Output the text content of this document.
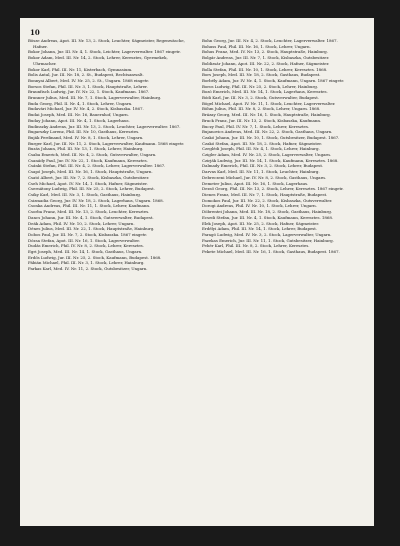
10

Bösze Andreas, Apot. III. Nr. 13, 2. Stock, Leuchter, Sägmeister, Regenwäsche, Hafner.

Bokor Johann, Jur. III. Nr. 4, 1. Stock, Leichter, Lagerverwalter. 1867 eingetr.

Bokor Adam, Med. III. Nr. 14, 2. Stock, Lehrer, Keresztes, Gyermekek, Uhrmacher.

Bokor Karl, Phil. III. Nr. 11, Kisterbach, Gymnasium.

Bolis Antal, Jur. III. Nr. 18, 2. St., Budapest, Rechtsanwalt.

Bonnyai Albert, Med. IV. Nr. 25, 2. St., Ungarn. 1868 eingetr.

Borsos Stefan, Phil. III. Nr. 3, 1. Stock, Hauptstraße, Lehrer.

Braunfisch Ludwig, Jur. IV. Nr. 22, 1. Stock, Kaufmann. 1867.

Brunner Julius, Med. III. Nr. 7, 1. Stock, Lagerverwalter, Hainburg.

Buda Georg, Phil. II. Nr. 4, 1. Stock, Lehrer, Ungarn.

Budavári Michael, Jur. IV. Nr. 4, 2. Stock, Kisbaszka. 1867.

Budai Joseph, Med. III. Nr. 16, Bauernhof, Ungarn.

Buday Johann, Apot. III. Nr. 4, 1. Stock, Lagerhaus.

Budinszky Andreas, Jur. III. Nr. 13, 2. Stock, Leuchter, Lagerverwalter. 1867.

Bugarszky Lorenz, Phil. III. Nr. 10, Gasthaus, Keresztes.

Buják Ferdinand, Med. IV. Nr. 8, 1. Stock, Lehrer, Ungarn.

Burger Karl, Jur. III. Nr. 11, 2. Stock, Lagerverwalter, Kaufmann. 1868 eingetr.

Buzás Johann, Phil. III. Nr. 13, 1. Stock, Lehrer, Hainburg.

Csaba Emerich, Med. III. Nr. 4, 2. Stock, Gutsverwalter, Ungarn.

Csanády Paul, Jur. IV. Nr. 22, 1. Stock, Kaufmann, Keresztes.

Csánki Stefan, Phil. III. Nr. 4, 2. Stock, Lehrer, Lagerverwalter. 1867.

Csapó Joseph, Med. III. Nr. 16, 1. Stock, Hauptstraße, Ungarn.

Csató Albert, Jur. III. Nr. 7, 2. Stock, Kisbaszka, Gutsbesitzer.

Cseh Michael, Apot. IV. Nr. 14, 1. Stock, Hafner, Sägmeister.

Csernátony Ludwig, Phil. III. Nr. 25, 2. Stock, Lehrer, Budapest.

Csiky Karl, Med. III. Nr. 3, 1. Stock, Gasthaus, Hainburg.

Csizmadia Georg, Jur. IV. Nr. 18, 2. Stock, Lagerhaus, Ungarn. 1868.

Csonka Andreas, Phil. III. Nr. 11, 1. Stock, Lehrer, Kaufmann.

Csorba Franz, Med. III. Nr. 13, 2. Stock, Leuchter, Keresztes.

Dancs Johann, Jur. III. Nr. 4, 1. Stock, Gutsverwalter, Budapest.

Deák Adam, Phil. IV. Nr. 10, 2. Stock, Lehrer, Ungarn.

Dénes Julius, Med. III. Nr. 22, 1. Stock, Hauptstraße, Hainburg.

Dobos Paul, Jur. III. Nr. 7, 2. Stock, Kisbaszka. 1867 eingetr.

Dózsa Stefan, Apot. III. Nr. 16, 1. Stock, Lagerverwalter.

Dudás Emerich, Phil. IV. Nr. 8, 2. Stock, Lehrer, Keresztes.

Egri Joseph, Med. III. Nr. 14, 1. Stock, Gasthaus, Ungarn.

Erdős Ludwig, Jur. III. Nr. 25, 2. Stock, Kaufmann, Budapest. 1868.

Fábián Michael, Phil. III. Nr. 3, 1. Stock, Lehrer, Hainburg.

Farkas Karl, Med. IV. Nr. 11, 2. Stock, Gutsbesitzer, Ungarn.

Bohn Georg, Jur. III. Nr. 4, 2. Stock, Leuchter, Lagerverwalter. 1867.

Bohuss Paul, Phil. III. Nr. 16, 1. Stock, Lehrer, Ungarn.

Bohus Franz, Med. IV. Nr. 13, 2. Stock, Hauptstraße, Hainburg.

Bolgár Andreas, Jur. III. Nr. 7, 1. Stock, Kisbaszka, Gutsbesitzer.

Boldizsár Johann, Apot. III. Nr. 22, 2. Stock, Hafner, Sägmeister.

Bolla Stefan, Phil. III. Nr. 10, 1. Stock, Lehrer, Keresztes. 1868.

Bors Joseph, Med. III. Nr. 18, 2. Stock, Gasthaus, Budapest.

Borbély Adam, Jur. IV. Nr. 4, 1. Stock, Kaufmann, Ungarn. 1867 eingetr.

Boros Ludwig, Phil. III. Nr. 25, 2. Stock, Lehrer, Hainburg.

Bozó Emerich, Med. III. Nr. 14, 1. Stock, Lagerhaus, Keresztes.

Bódi Karl, Jur. III. Nr. 3, 2. Stock, Gutsverwalter, Budapest.

Bögel Michael, Apot. IV. Nr. 11, 1. Stock, Leuchter, Lagerverwalter.

Böhm Julius, Phil. III. Nr. 8, 2. Stock, Lehrer, Ungarn. 1868.

Brázay Georg, Med. III. Nr. 16, 1. Stock, Hauptstraße, Hainburg.

Bruck Franz, Jur. III. Nr. 13, 2. Stock, Kisbaszka, Kaufmann.

Buczy Paul, Phil. IV. Nr. 7, 1. Stock, Lehrer, Keresztes.

Bujanovics Andreas, Med. III. Nr. 22, 2. Stock, Gasthaus, Ungarn.

Czakó Johann, Jur. III. Nr. 10, 1. Stock, Gutsbesitzer, Budapest. 1867.

Czakó Stefan, Apot. III. Nr. 18, 2. Stock, Hafner, Sägmeister.

Czeglédi Joseph, Phil. III. Nr. 4, 1. Stock, Lehrer, Hainburg.

Czigler Adam, Med. IV. Nr. 25, 2. Stock, Lagerverwalter, Ungarn.

Czirják Ludwig, Jur. III. Nr. 14, 1. Stock, Kaufmann, Keresztes. 1868.

Dalmady Emerich, Phil. III. Nr. 3, 2. Stock, Lehrer, Budapest.

Darvas Karl, Med. III. Nr. 11, 1. Stock, Leuchter, Hainburg.

Debreczeni Michael, Jur. IV. Nr. 8, 2. Stock, Gasthaus, Ungarn.

Demeter Julius, Apot. III. Nr. 16, 1. Stock, Lagerhaus.

Dezső Georg, Phil. III. Nr. 13, 2. Stock, Lehrer, Keresztes. 1867 eingetr.

Dienes Franz, Med. III. Nr. 7, 1. Stock, Hauptstraße, Budapest.

Domokos Paul, Jur. III. Nr. 22, 2. Stock, Kisbaszka, Gutsverwalter.

Dorogi Andreas, Phil. IV. Nr. 10, 1. Stock, Lehrer, Ungarn.

Döbrentei Johann, Med. III. Nr. 18, 2. Stock, Gasthaus, Hainburg.

Ecsedi Stefan, Jur. III. Nr. 4, 1. Stock, Kaufmann, Keresztes. 1868.

Elek Joseph, Apot. III. Nr. 25, 2. Stock, Hafner, Sägmeister.

Erdélyi Adam, Phil. III. Nr. 14, 1. Stock, Lehrer, Budapest.

Faragó Ludwig, Med. IV. Nr. 3, 2. Stock, Lagerverwalter, Ungarn.

Fazekas Emerich, Jur. III. Nr. 11, 1. Stock, Gutsbesitzer, Hainburg.

Fehér Karl, Phil. III. Nr. 8, 2. Stock, Lehrer, Keresztes.

Fekete Michael, Med. III. Nr. 16, 1. Stock, Gasthaus, Budapest. 1867.
